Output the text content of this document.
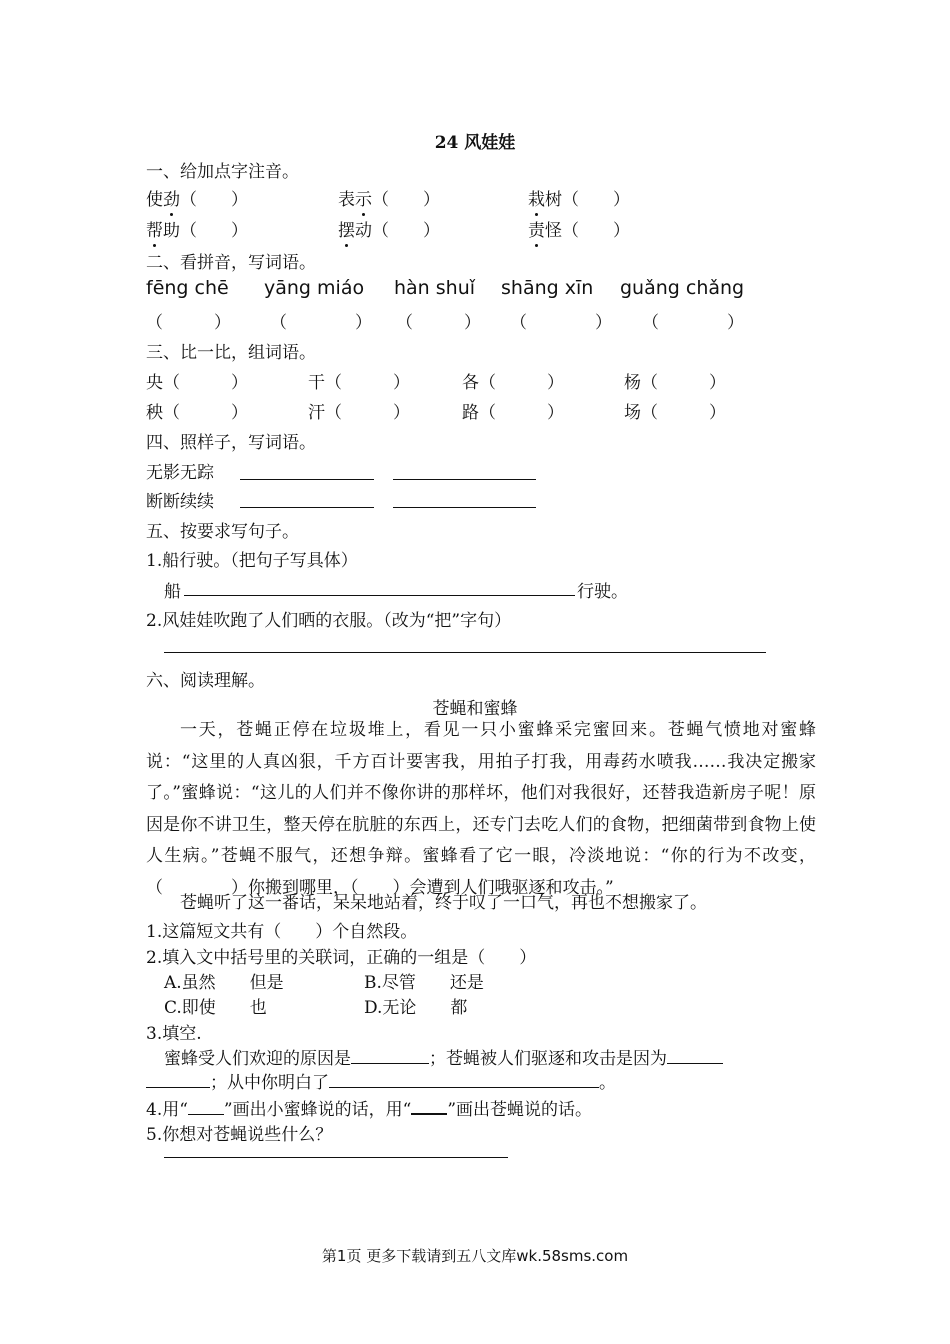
24 风娃娃
一、给加点字注音。
使劲（　　）	表示（　　）	栽树（　　）
帮助（　　）	摆动（　　）	责怪（　　）
二、看拼音，写词语。
fēng chē yāng miáo hàn shuǐ shāng xīn guǎng chǎng
（　　　） （　　　　） （　　　） （　　　　） （　　　　）
三、比一比，组词语。
央（　　　）	干（　　　）	各（　　　）	杨（　　　）
秧（　　　）	汗（　　　）	路（　　　）	场（　　　）
四、照样子，写词语。
无影无踪
断断续续
五、按要求写句子。
1.船行驶。（把句子写具体）
船	行驶。
2.风娃娃吹跑了人们晒的衣服。（改为“把”字句）
六、阅读理解。
苍蝇和蜜蜂
一天，苍蝇正停在垃圾堆上，看见一只小蜜蜂采完蜜回来。苍蝇气愤地对蜜蜂说：“这里的人真凶狠，千方百计要害我，用拍子打我，用毒药水喷我……我决定搬家了。”蜜蜂说：“这儿的人们并不像你讲的那样坏，他们对我很好，还替我造新房子呢！原因是你不讲卫生，整天停在肮脏的东西上，还专门去吃人们的食物，把细菌带到食物上使人生病。”苍蝇不服气，还想争辩。蜜蜂看了它一眼，冷淡地说：“你的行为不改变，（　　　　）你搬到哪里，（　　）会遭到人们哦驱逐和攻击。”
苍蝇听了这一番话，呆呆地站着，终于叹了一口气，再也不想搬家了。
1.这篇短文共有（　　）个自然段。
2.填入文中括号里的关联词，正确的一组是（　　）
A.虽然　　但是	B.尽管　　还是
C.即使　　也	D.无论　　都
3.填空.
蜜蜂受人们欢迎的原因是	；苍蝇被人们驱逐和攻击是因为
；从中你明白了	。
4.用“ ”画出小蜜蜂说的话，用“ ”画出苍蝇说的话。
5.你想对苍蝇说些什么？
第1页 更多下载请到五八文库wk.58sms.com
